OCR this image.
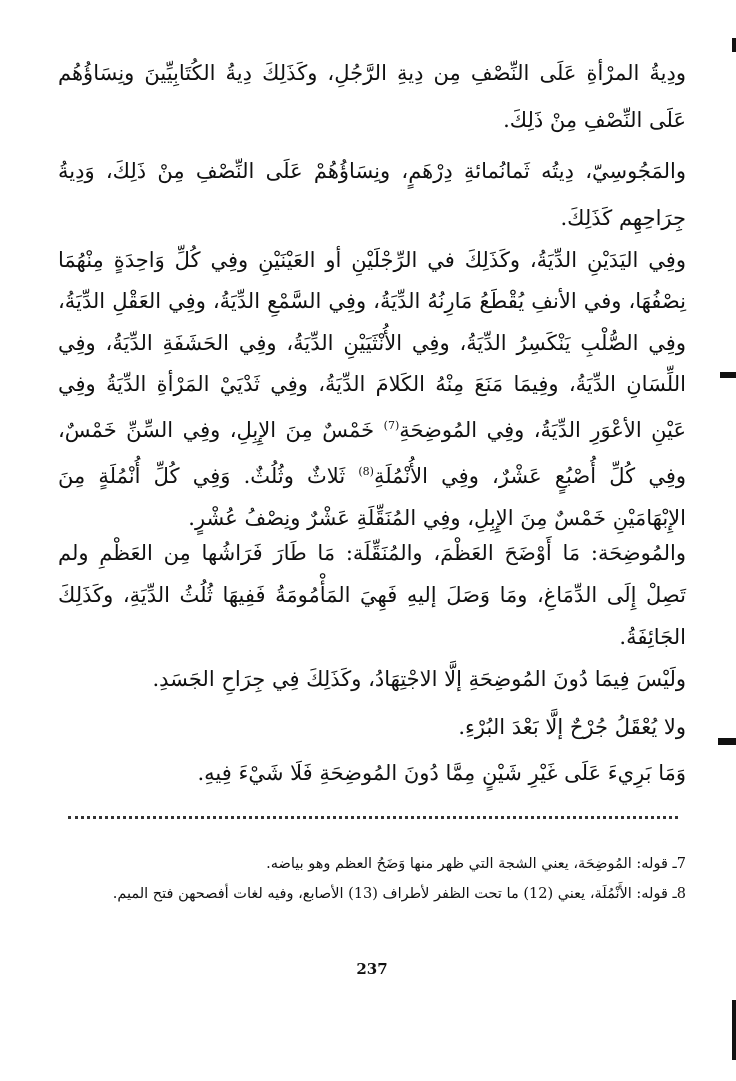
ودِيةُ المرْأةِ عَلَى النِّصْفِ مِن دِيةِ الرَّجُلِ، وكَذَلِكَ دِيةُ الكُتَابِيِّينَ ونِسَاؤُهُم عَلَى النِّصْفِ مِنْ ذَلِكَ.

والمَجُوسِيّ، دِيتُه ثَمانُمائةِ دِرْهَمٍ، ونِسَاؤُهُمْ عَلَى النِّصْفِ مِنْ ذَلِكَ، وَدِيةُ جِرَاحِهِم كَذَلِكَ.

وفِي اليَدَيْنِ الدِّيَةُ، وكَذَلِكَ في الرِّجْلَيْنِ أو العَيْنَيْنِ وفِي كُلِّ وَاحِدَةٍ مِنْهُمَا نِصْفُهَا، وفي الأنفِ يُقْطَعُ مَارِنُهُ الدِّيَةُ، وفِي السَّمْعِ الدِّيَةُ، وفِي العَقْلِ الدِّيَةُ، وفِي الصُّلْبِ يَنْكَسِرُ الدِّيَةُ، وفِي الأُنْثَيَيْنِ الدِّيَةُ، وفِي الحَشَفَةِ الدِّيَةُ، وفِي اللِّسَانِ الدِّيَةُ، وفِيمَا مَنَعَ مِنْهُ الكَلامَ الدِّيَةُ، وفِي ثَدْيَيْ المَرْأةِ الدِّيَةُ وفِي عَيْنِ الأعْوَرِ الدِّيَةُ، وفِي المُوضِحَةِ$^{(7)}$ خَمْسٌ مِنَ الإِبِلِ، وفِي السِّنِّ خَمْسٌ، وفِي كُلِّ أُصْبُعٍ عَشْرٌ، وفِي الأُنْمُلَةِ$^{(8)}$ ثَلاثٌ وثُلُثٌ. وَفِي كُلِّ أُنْمُلَةٍ مِنَ الإِبْهَامَيْنِ خَمْسٌ مِنَ الإِبِلِ، وفِي المُنَقِّلَةِ عَشْرٌ ونِصْفُ عُشْرٍ.

والمُوضِحَة: مَا أَوْضَحَ العَظْمَ، والمُنَقِّلَة: مَا طَارَ فَرَاشُها مِن العَظْمِ ولم تَصِلْ إِلَى الدِّمَاغِ، ومَا وَصَلَ إليهِ فَهِيَ المَأْمُومَةُ فَفِيهَا ثُلُثُ الدِّيَةِ، وكَذَلِكَ الجَائِفَةُ.

ولَيْسَ فِيمَا دُونَ المُوضِحَةِ إلَّا الاجْتِهَادُ، وكَذَلِكَ فِي جِرَاحِ الجَسَدِ.

ولا يُعْقَلُ جُرْحٌ إلَّا بَعْدَ البُرْءِ.

وَمَا بَرِيءَ عَلَى غَيْرِ شَيْنٍ مِمَّا دُونَ المُوضِحَةِ فَلَا شَيْءَ فِيهِ.

7ـ قوله: المُوضِحَة، يعني الشجة التي ظهر منها وَضَحُ العظم وهو بياضه.

8ـ قوله: الأَنْمُلَة، يعني (12) ما تحت الظفر لأطراف (13) الأصابع، وفيه لغات أفصحهن فتح الميم.

237
